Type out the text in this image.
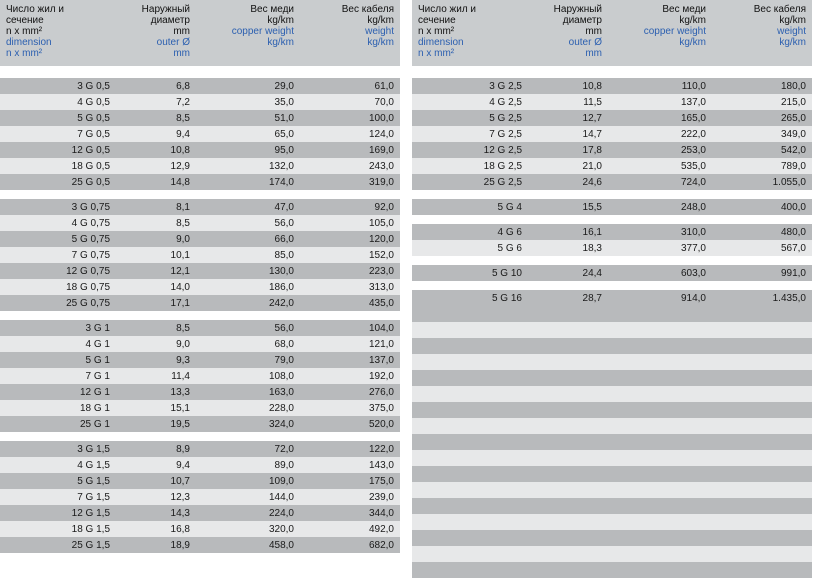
Число жил и
сечение
n x mm²
dimension
n x mm²	Наружный
диаметр
mm
outer Ø
mm	Вес меди
kg/km
copper weight
kg/km	Вес кабеля
kg/km
weight
kg/km

3 G 0,5	6,8	29,0	61,0
4 G 0,5	7,2	35,0	70,0
5 G 0,5	8,5	51,0	100,0
7 G 0,5	9,4	65,0	124,0
12 G 0,5	10,8	95,0	169,0
18 G 0,5	12,9	132,0	243,0
25 G 0,5	14,8	174,0	319,0

3 G 0,75	8,1	47,0	92,0
4 G 0,75	8,5	56,0	105,0
5 G 0,75	9,0	66,0	120,0
7 G 0,75	10,1	85,0	152,0
12 G 0,75	12,1	130,0	223,0
18 G 0,75	14,0	186,0	313,0
25 G 0,75	17,1	242,0	435,0

3 G 1	8,5	56,0	104,0
4 G 1	9,0	68,0	121,0
5 G 1	9,3	79,0	137,0
7 G 1	11,4	108,0	192,0
12 G 1	13,3	163,0	276,0
18 G 1	15,1	228,0	375,0
25 G 1	19,5	324,0	520,0

3 G 1,5	8,9	72,0	122,0
4 G 1,5	9,4	89,0	143,0
5 G 1,5	10,7	109,0	175,0
7 G 1,5	12,3	144,0	239,0
12 G 1,5	14,3	224,0	344,0
18 G 1,5	16,8	320,0	492,0
25 G 1,5	18,9	458,0	682,0
Число жил и
сечение
n x mm²
dimension
n x mm²	Наружный
диаметр
mm
outer Ø
mm	Вес меди
kg/km
copper weight
kg/km	Вес кабеля
kg/km
weight
kg/km

3 G 2,5	10,8	110,0	180,0
4 G 2,5	11,5	137,0	215,0
5 G 2,5	12,7	165,0	265,0
7 G 2,5	14,7	222,0	349,0
12 G 2,5	17,8	253,0	542,0
18 G 2,5	21,0	535,0	789,0
25 G 2,5	24,6	724,0	1.055,0

5 G 4	15,5	248,0	400,0

4 G 6	16,1	310,0	480,0
5 G 6	18,3	377,0	567,0

5 G 10	24,4	603,0	991,0

5 G 16	28,7	914,0	1.435,0
